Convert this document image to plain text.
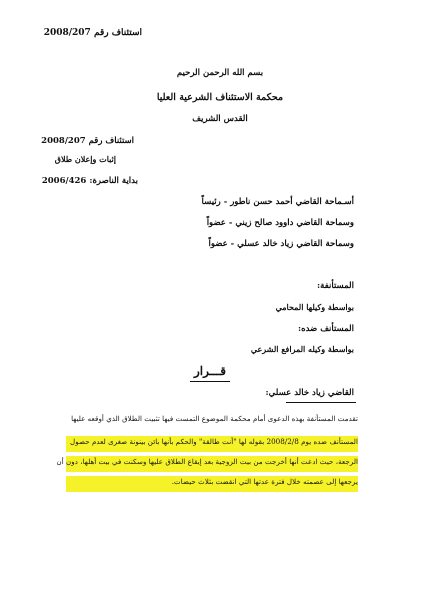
استئناف رقم 2008/207
بسم الله الرحمن الرحيم
محكمة الاستئناف الشرعية العليا
القدس الشريف
استئناف رقم 2008/207
إثبات وإعلان طلاق
بداية الناصرة: 2006/426
أسـماحة القاضي أحمد حسن ناطور - رئيساً
وسماحة القاضي داوود صالح زيني - عضواً
وسماحة القاضي زياد خالد عسلي - عضواً
المستأنفة:
بواسطة وكيلها المحامي
المستأنف ضده:
بواسطة وكيله المرافع الشرعي
قـــرار
القاضي زياد خالد عسلي:
تقدمت المستأنفة بهذه الدعوى أمام محكمة الموضوع التمست فيها تثبيت الطلاق الذي أوقعه عليها
المستأنف ضده يوم 2008/2/8 بقوله لها "أنت طالقة" والحكم بأنها بائن بينونة صغرى لعدم حصول
الرجعة، حيث ادعت أنها أخرجت من بيت الزوجية بعد إيقاع الطلاق عليها وسكنت في بيت أهلها، دون أن
يرجعها إلى عصمته خلال فترة عدتها التي انقضت بثلاث حيضات.
